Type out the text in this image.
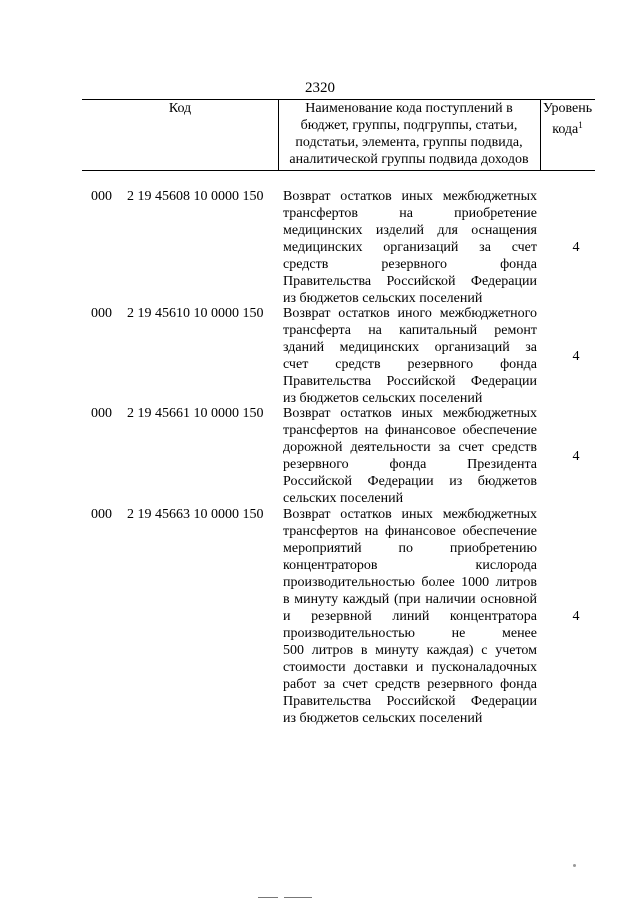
2320
Код	Наименование кода поступлений в
бюджет, группы, подгруппы, статьи,
подстатьи, элемента, группы подвида,
аналитической группы подвида доходов
Уровень
кода$^1$
000 2 19 45608 10 0000 150 Возврат остатков иных межбюджетных
трансфертов на приобретение
медицинских изделий для оснащения
медицинских организаций за счет
средств резервного фонда
Правительства Российской Федерации
из бюджетов сельских поселений
4
000 2 19 45610 10 0000 150 Возврат остатков иного межбюджетного
трансферта на капитальный ремонт
зданий медицинских организаций за
счет средств резервного фонда
Правительства Российской Федерации
из бюджетов сельских поселений
4
000 2 19 45661 10 0000 150 Возврат остатков иных межбюджетных
трансфертов на финансовое обеспечение
дорожной деятельности за счет средств
резервного фонда Президента
Российской Федерации из бюджетов
сельских поселений
4
000 2 19 45663 10 0000 150 Возврат остатков иных межбюджетных
трансфертов на финансовое обеспечение
мероприятий по приобретению
концентраторов кислорода
производительностью более 1000 литров
в минуту каждый (при наличии основной
и резервной линий концентратора
производительностью не менее
500 литров в минуту каждая) с учетом
стоимости доставки и пусконаладочных
работ за счет средств резервного фонда
Правительства Российской Федерации
из бюджетов сельских поселений
4
